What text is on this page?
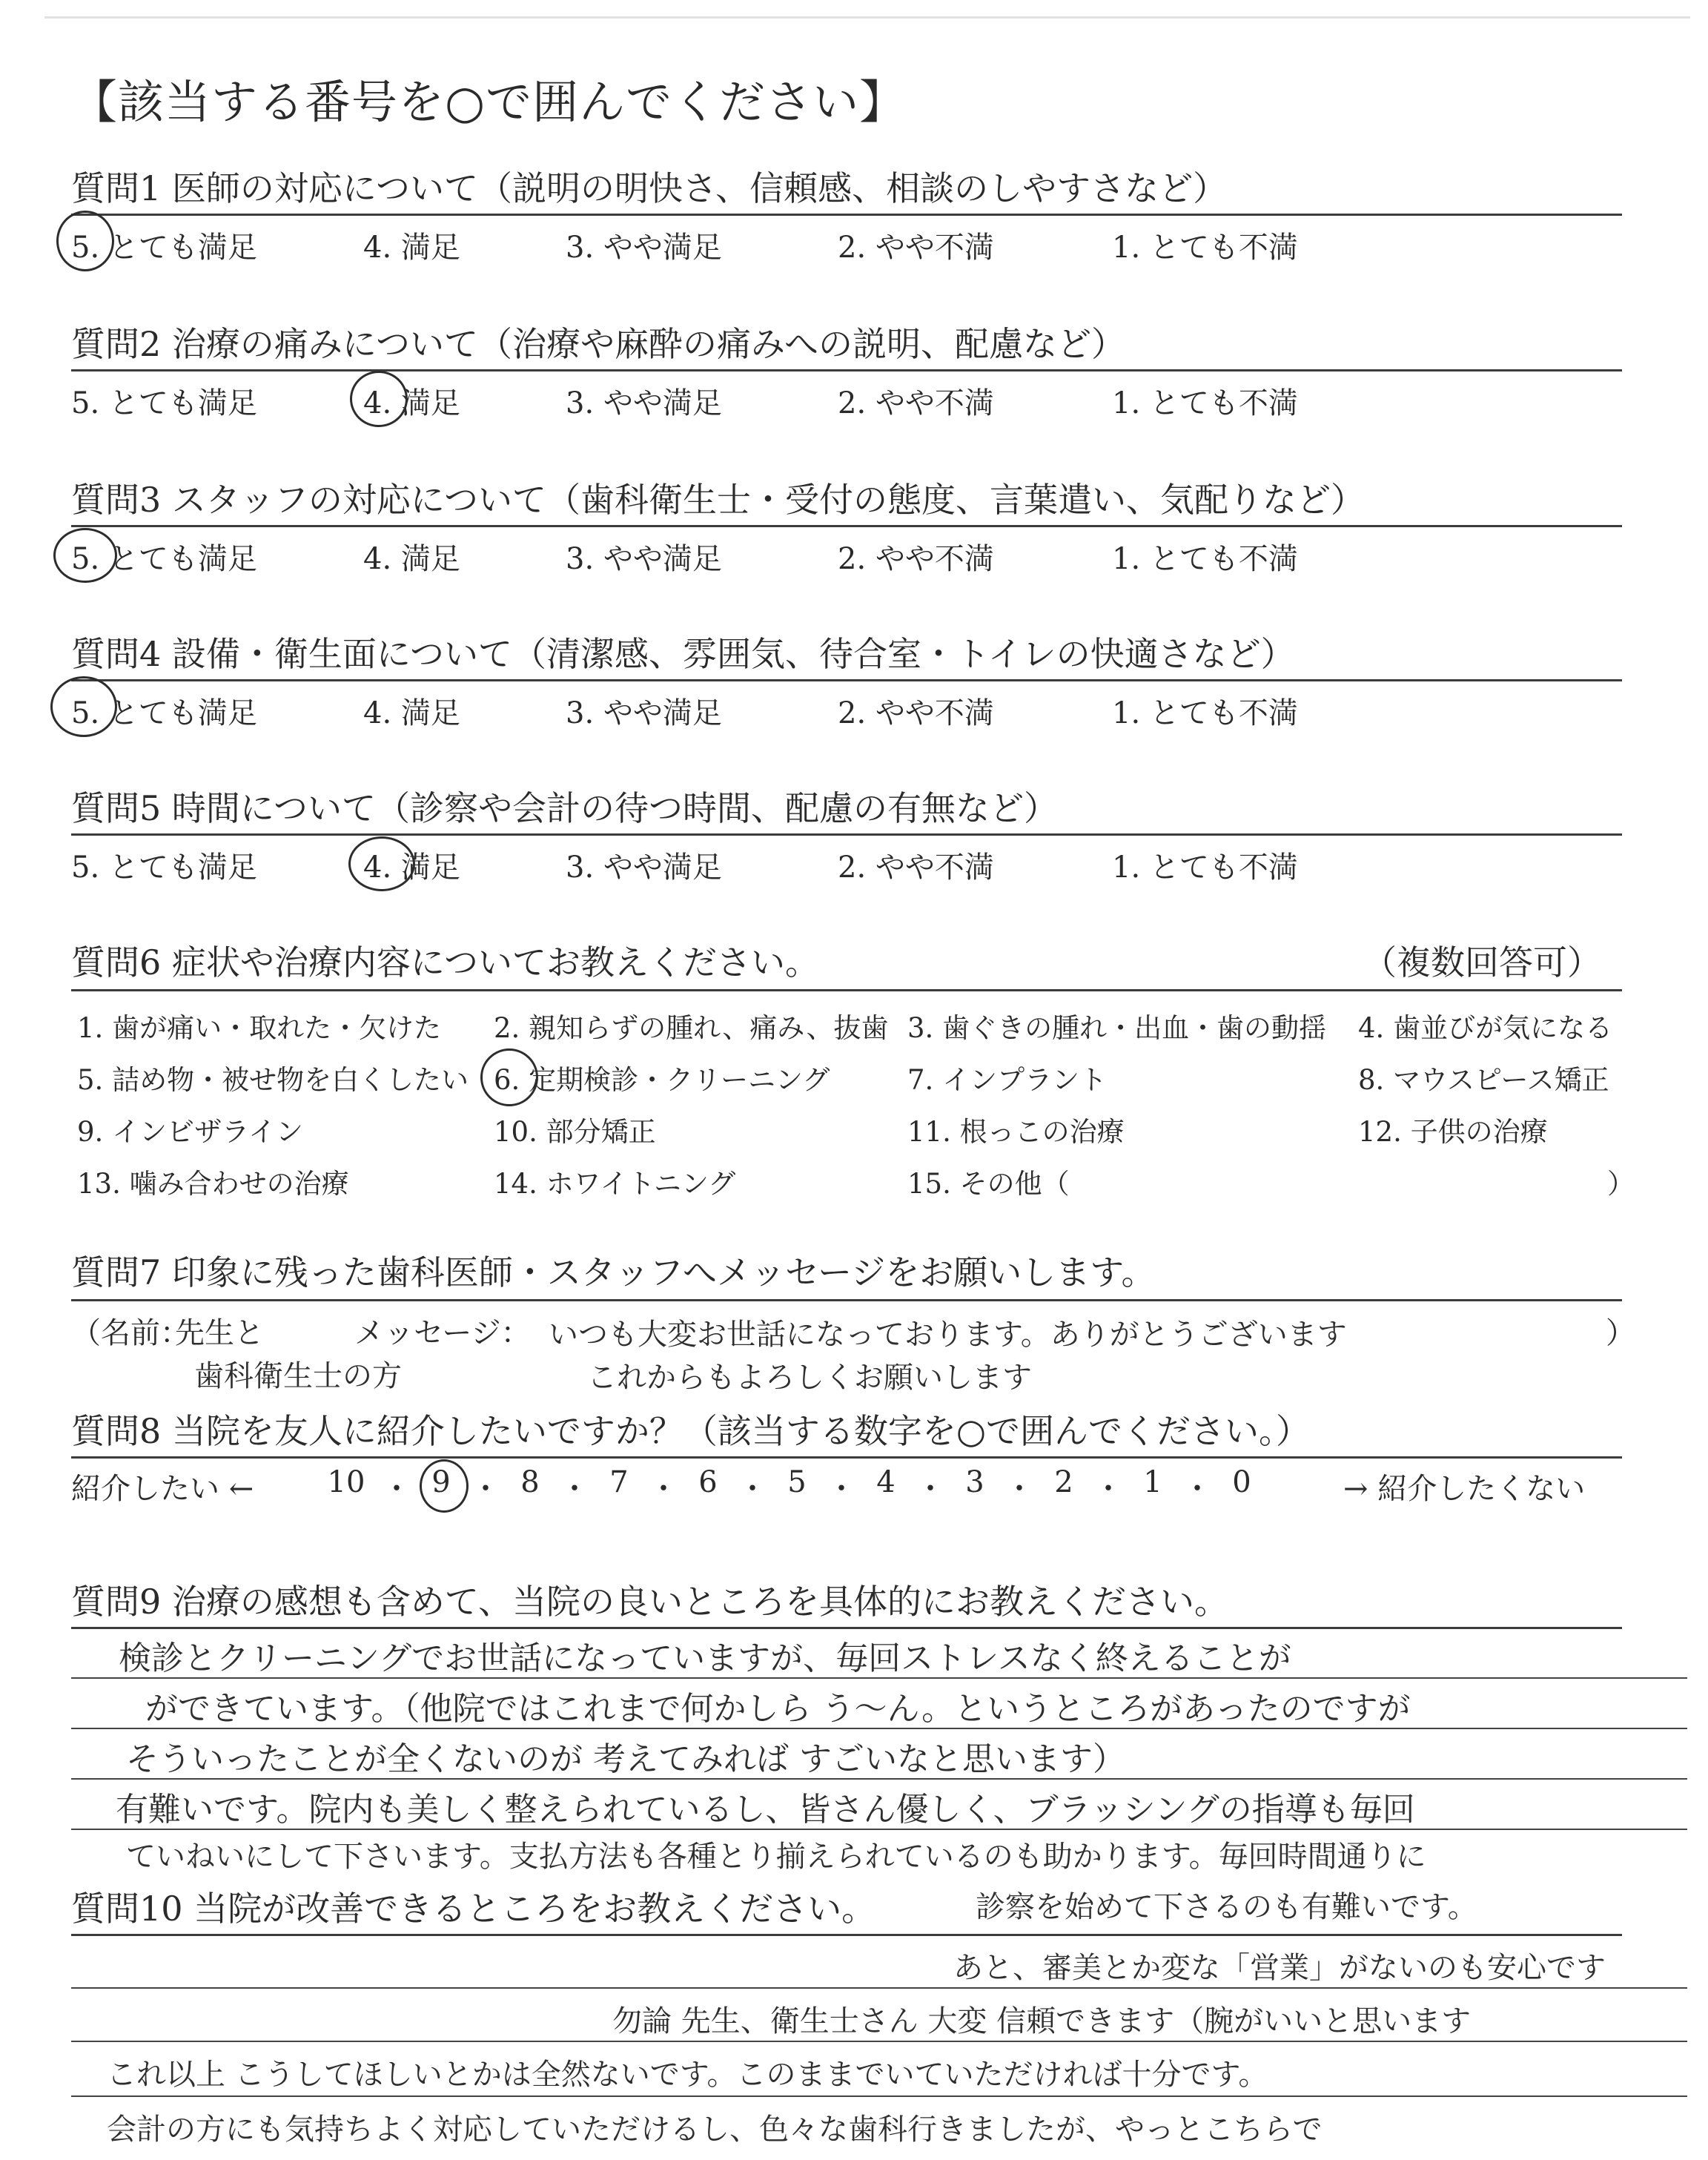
【該当する番号を○で囲んでください】
質問1 医師の対応について（説明の明快さ、信頼感、相談のしやすさなど）
5. とても満足	4. 満足	3. やや満足	2. やや不満	1. とても不満
質問2 治療の痛みについて（治療や麻酔の痛みへの説明、配慮など）
5. とても満足	4. 満足	3. やや満足	2. やや不満	1. とても不満
質問3 スタッフの対応について（歯科衛生士・受付の態度、言葉遣い、気配りなど）
5. とても満足	4. 満足	3. やや満足	2. やや不満	1. とても不満
質問4 設備・衛生面について（清潔感、雰囲気、待合室・トイレの快適さなど）
5. とても満足	4. 満足	3. やや満足	2. やや不満	1. とても不満
質問5 時間について（診察や会計の待つ時間、配慮の有無など）
5. とても満足	4. 満足	3. やや満足	2. やや不満	1. とても不満
質問6 症状や治療内容についてお教えください。	（複数回答可）
1. 歯が痛い・取れた・欠けた 2. 親知らずの腫れ、痛み、抜歯 3. 歯ぐきの腫れ・出血・歯の動揺 4. 歯並びが気になる
5. 詰め物・被せ物を白くしたい 6. 定期検診・クリーニング	7. インプラント	8. マウスピース矯正
9. インビザライン	10. 部分矯正	11. 根っこの治療	12. 子供の治療
13. 噛み合わせの治療	14. ホワイトニング	15. その他（	）
質問7 印象に残った歯科医師・スタッフへメッセージをお願いします。
（名前：
先生と
歯科衛生士の方
メッセージ： いつも大変お世話になっております。ありがとうございます
これからもよろしくお願いします
）
質問8 当院を友人に紹介したいですか？（該当する数字を○で囲んでください。）
紹介したい ← 10 ・ 9 ・ 8 ・ 7 ・ 6 ・ 5 ・ 4 ・ 3 ・ 2 ・ 1 ・ 0	→ 紹介したくない
質問9 治療の感想も含めて、当院の良いところを具体的にお教えください。
検診とクリーニングでお世話になっていますが、毎回ストレスなく終えることが
ができています。（他院ではこれまで何かしら う～ん。というところがあったのですが
そういったことが全くないのが 考えてみれば すごいなと思います）
有難いです。院内も美しく整えられているし、皆さん優しく、ブラッシングの指導も毎回
ていねいにして下さいます。支払方法も各種とり揃えられているのも助かります。毎回時間通りに
質問10 当院が改善できるところをお教えください。	診察を始めて下さるのも有難いです。
あと、審美とか変な「営業」がないのも安心です
勿論 先生、衛生士さん 大変 信頼できます（腕がいいと思います
これ以上 こうしてほしいとかは全然ないです。このままでいていただければ十分です。
会計の方にも気持ちよく対応していただけるし、色々な歯科行きましたが、やっとこちらで
